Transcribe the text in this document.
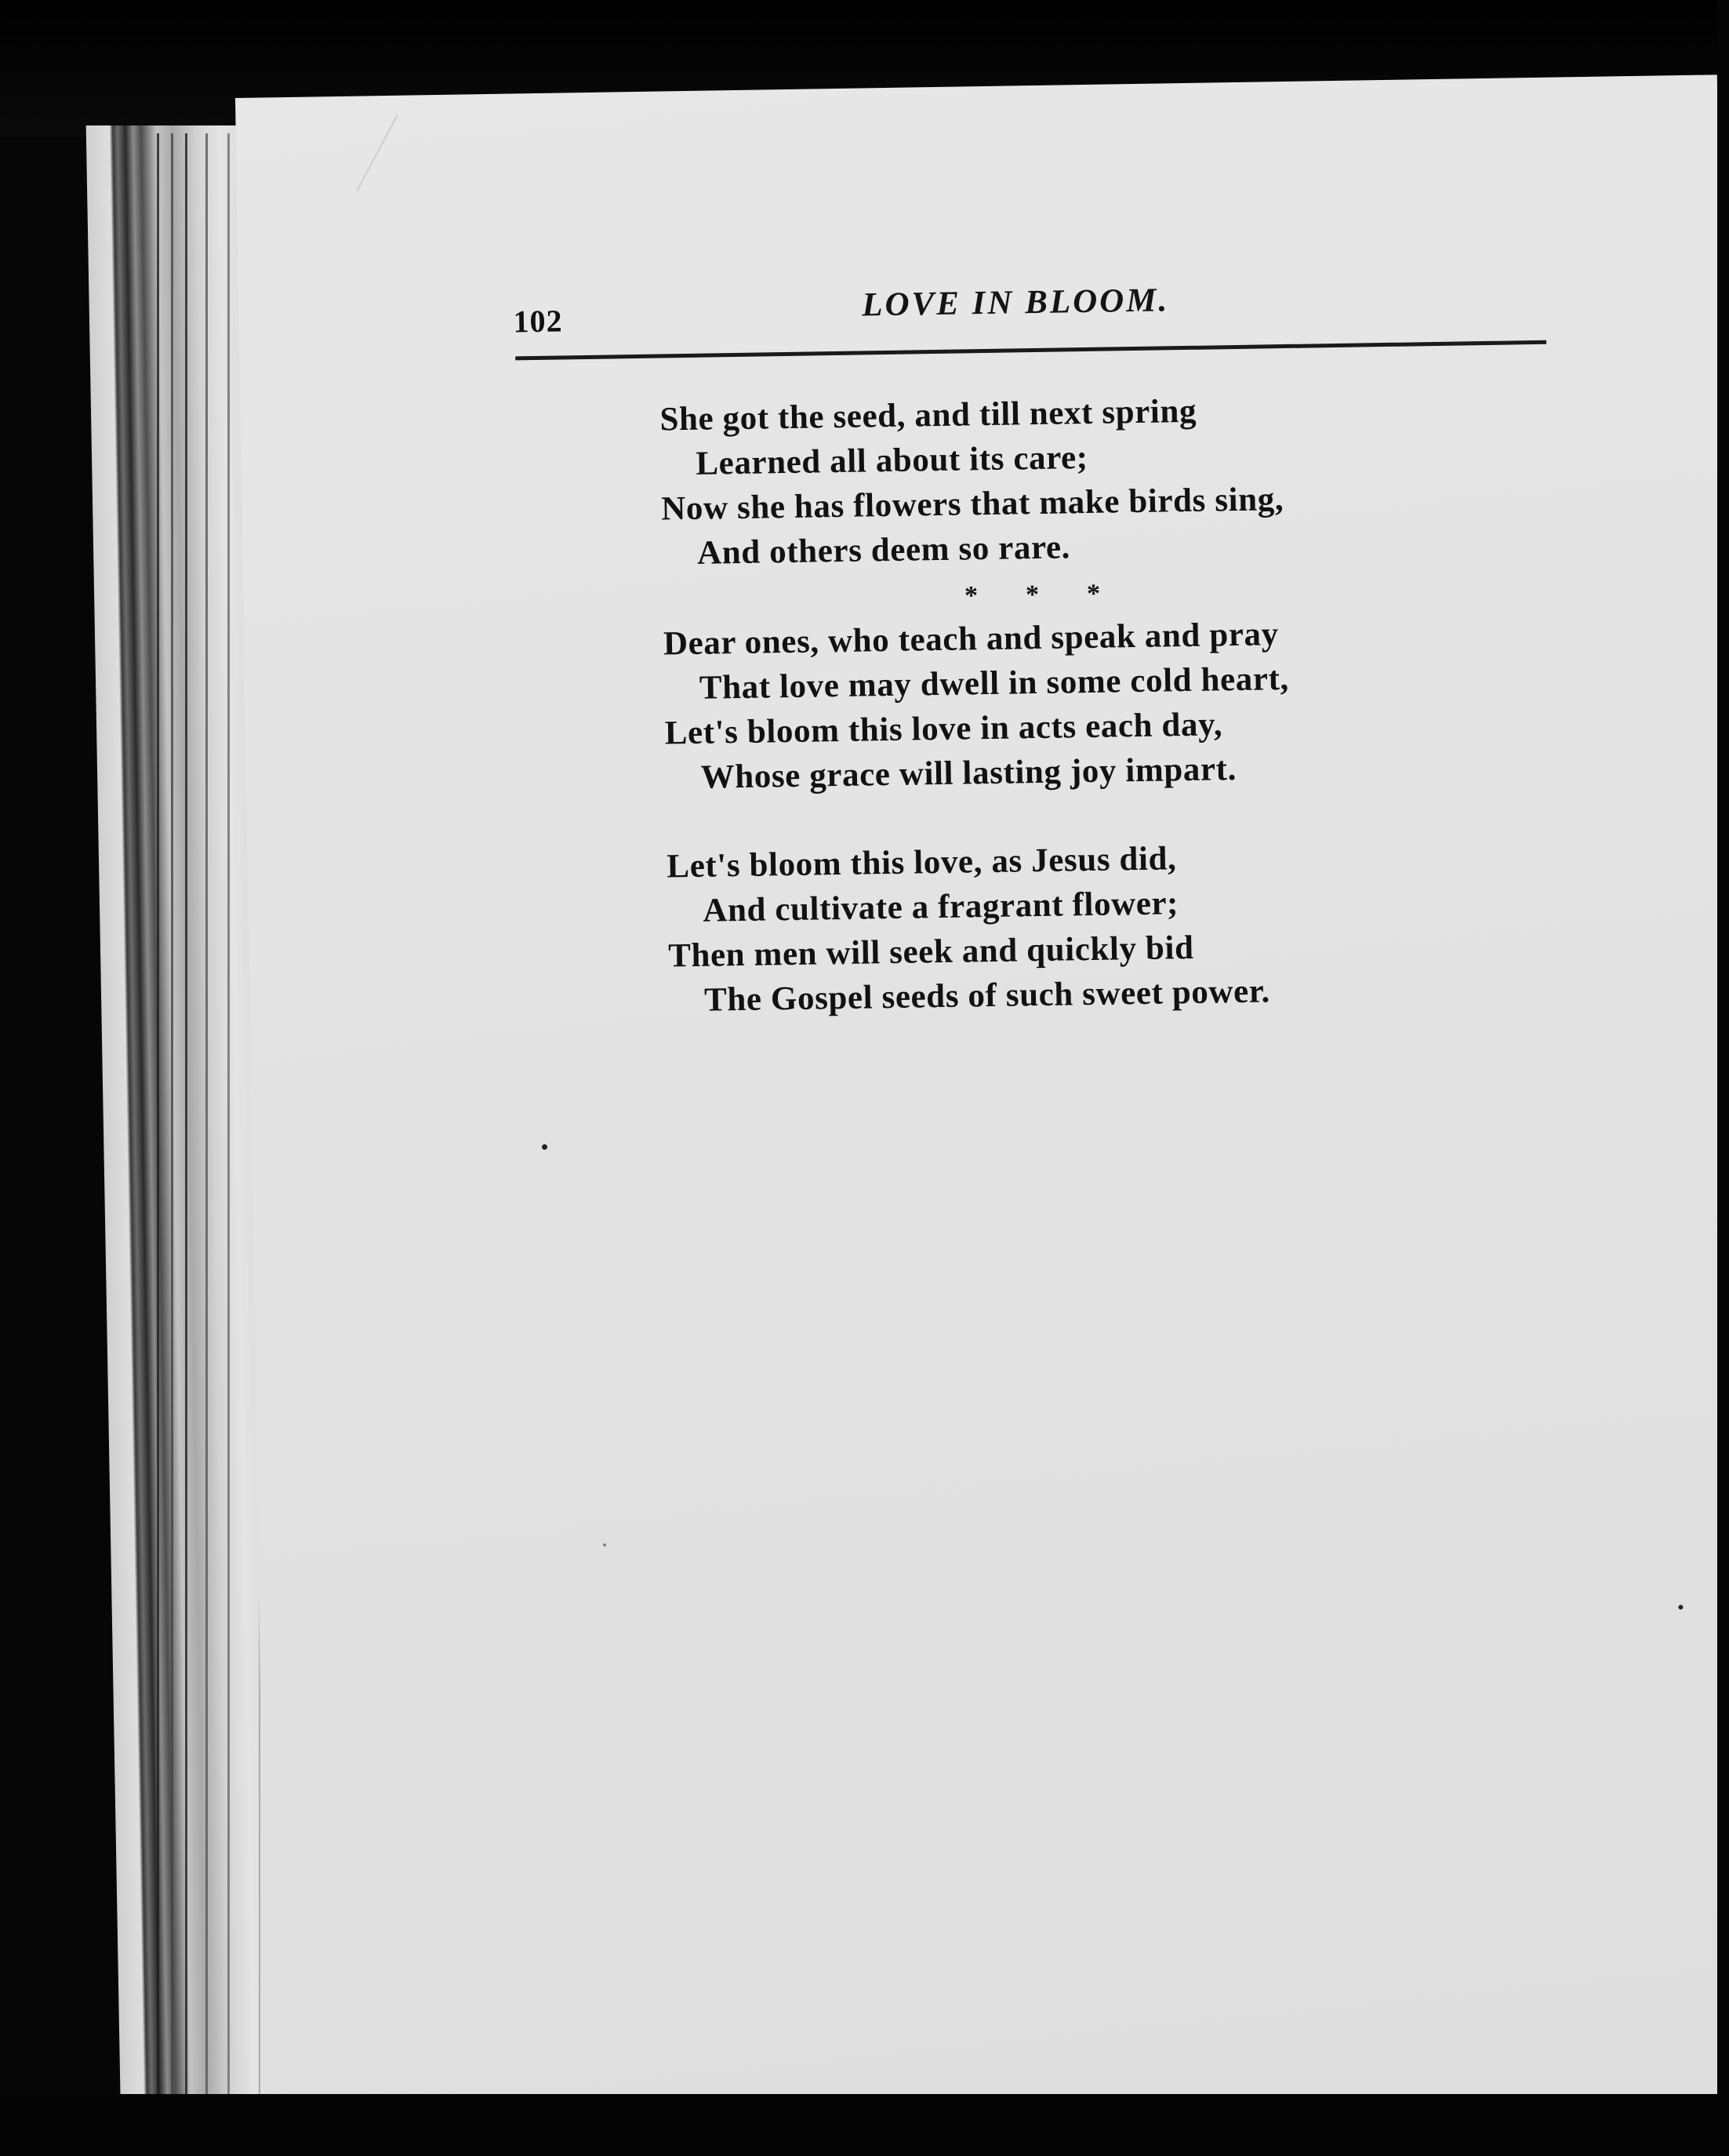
102	LOVE IN BLOOM.
She got the seed, and till next spring
Learned all about its care;
Now she has flowers that make birds sing,
And others deem so rare.
* * *
Dear ones, who teach and speak and pray
That love may dwell in some cold heart,
Let's bloom this love in acts each day,
Whose grace will lasting joy impart.
Let's bloom this love, as Jesus did,
And cultivate a fragrant flower;
Then men will seek and quickly bid
The Gospel seeds of such sweet power.
